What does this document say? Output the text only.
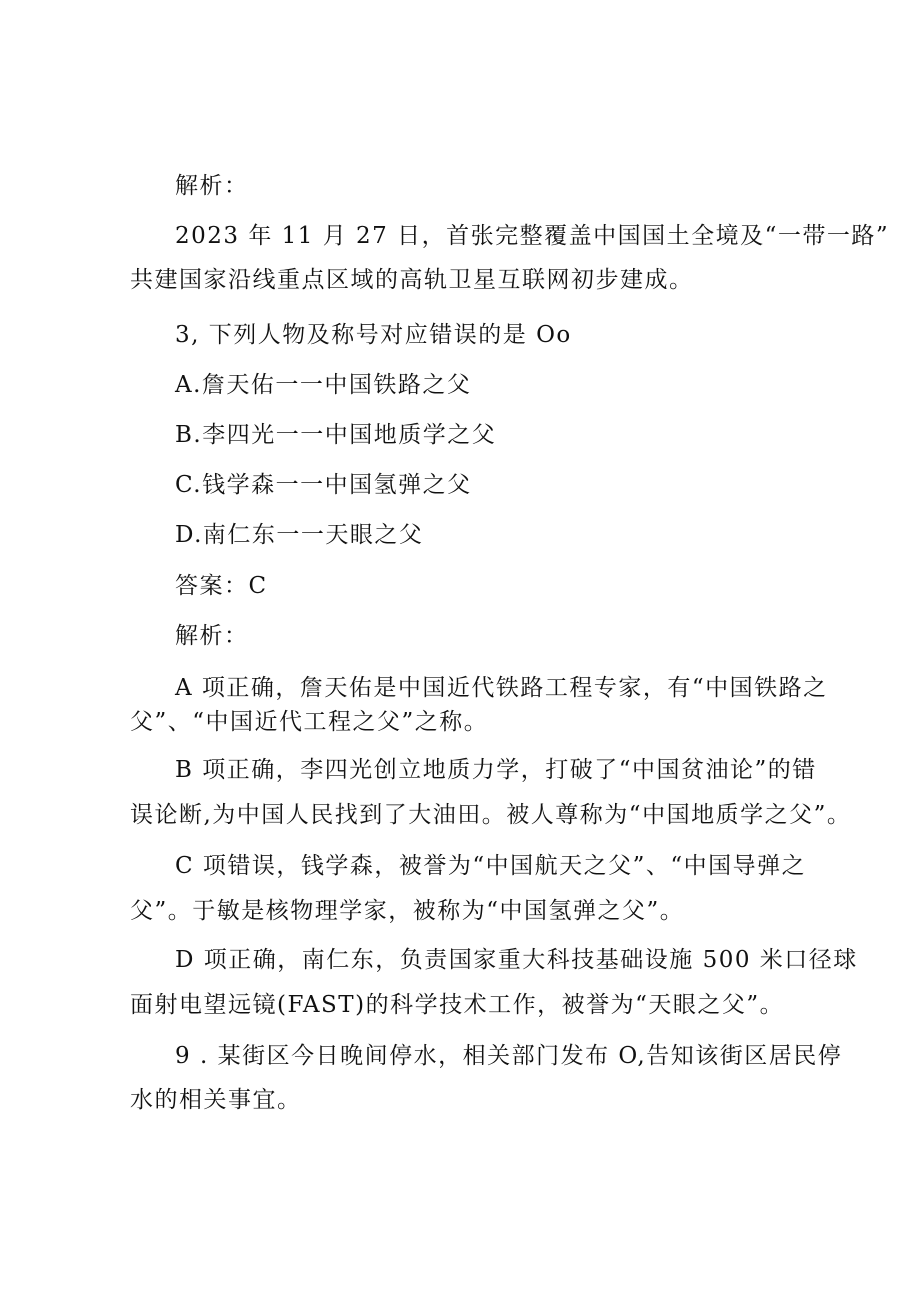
解析：
2023 年 11 月 27 日，首张完整覆盖中国国土全境及“一带一路”
共建国家沿线重点区域的高轨卫星互联网初步建成。
3, 下列人物及称号对应错误的是 Oo
A.詹天佑一一中国铁路之父
B.李四光一一中国地质学之父
C.钱学森一一中国氢弹之父
D.南仁东一一天眼之父
答案：C
解析：
A 项正确，詹天佑是中国近代铁路工程专家，有“中国铁路之
父”、“中国近代工程之父”之称。
B 项正确，李四光创立地质力学，打破了“中国贫油论”的错
误论断,为中国人民找到了大油田。被人尊称为“中国地质学之父”。
C 项错误，钱学森，被誉为“中国航天之父”、“中国导弹之
父”。于敏是核物理学家，被称为“中国氢弹之父”。
D 项正确，南仁东，负责国家重大科技基础设施 500 米口径球
面射电望远镜(FAST)的科学技术工作，被誉为“天眼之父”。
9 . 某街区今日晚间停水，相关部门发布 O,告知该街区居民停
水的相关事宜。
